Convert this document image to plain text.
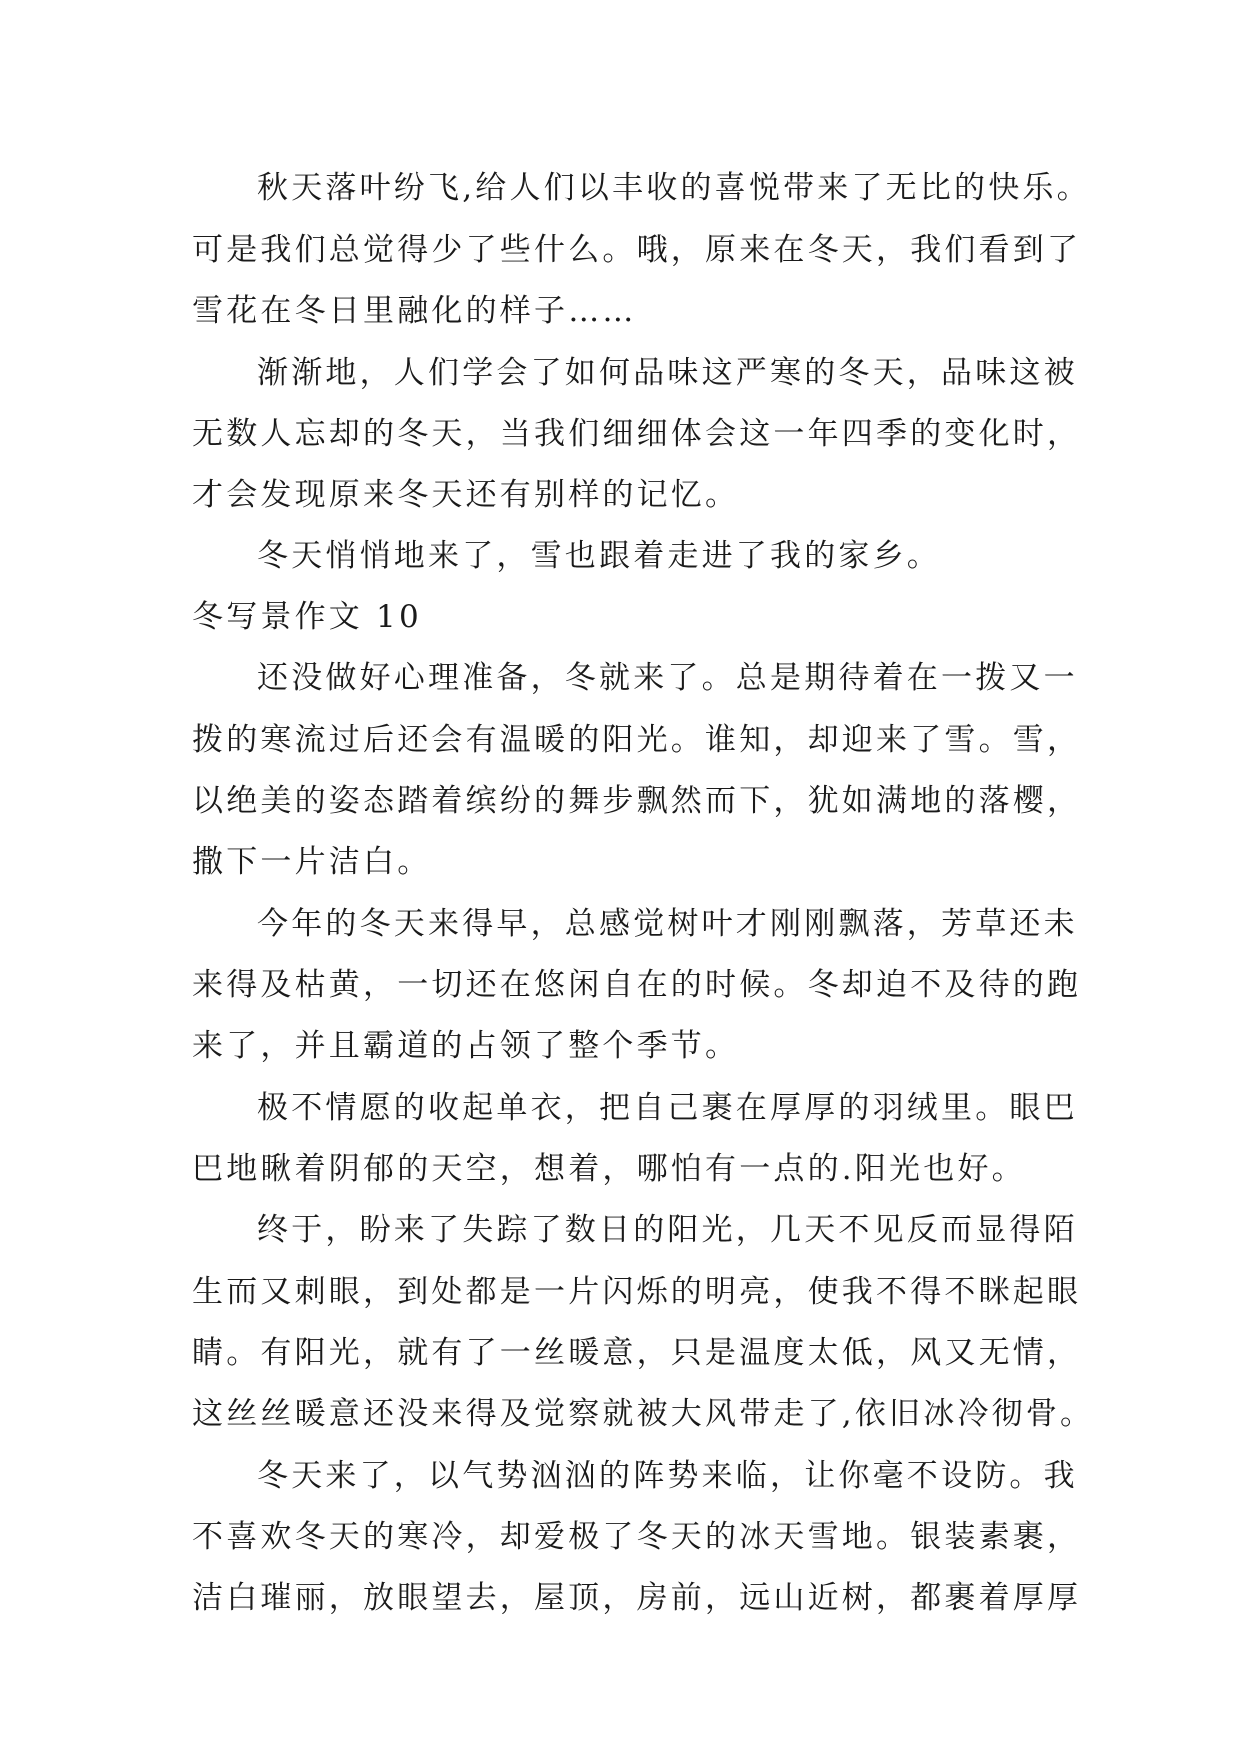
秋天落叶纷飞,给人们以丰收的喜悦带来了无比的快乐。
可是我们总觉得少了些什么。哦，原来在冬天，我们看到了
雪花在冬日里融化的样子……
渐渐地，人们学会了如何品味这严寒的冬天，品味这被
无数人忘却的冬天，当我们细细体会这一年四季的变化时，
才会发现原来冬天还有别样的记忆。
冬天悄悄地来了，雪也跟着走进了我的家乡。
冬写景作文 10
还没做好心理准备，冬就来了。总是期待着在一拨又一
拨的寒流过后还会有温暖的阳光。谁知，却迎来了雪。雪，
以绝美的姿态踏着缤纷的舞步飘然而下，犹如满地的落樱，
撒下一片洁白。
今年的冬天来得早，总感觉树叶才刚刚飘落，芳草还未
来得及枯黄，一切还在悠闲自在的时候。冬却迫不及待的跑
来了，并且霸道的占领了整个季节。
极不情愿的收起单衣，把自己裹在厚厚的羽绒里。眼巴
巴地瞅着阴郁的天空，想着，哪怕有一点的.阳光也好。
终于，盼来了失踪了数日的阳光，几天不见反而显得陌
生而又刺眼，到处都是一片闪烁的明亮，使我不得不眯起眼
睛。有阳光，就有了一丝暖意，只是温度太低，风又无情，
这丝丝暖意还没来得及觉察就被大风带走了,依旧冰冷彻骨。
冬天来了，以气势汹汹的阵势来临，让你毫不设防。我
不喜欢冬天的寒冷，却爱极了冬天的冰天雪地。银装素裹，
洁白璀丽，放眼望去，屋顶，房前，远山近树，都裹着厚厚
